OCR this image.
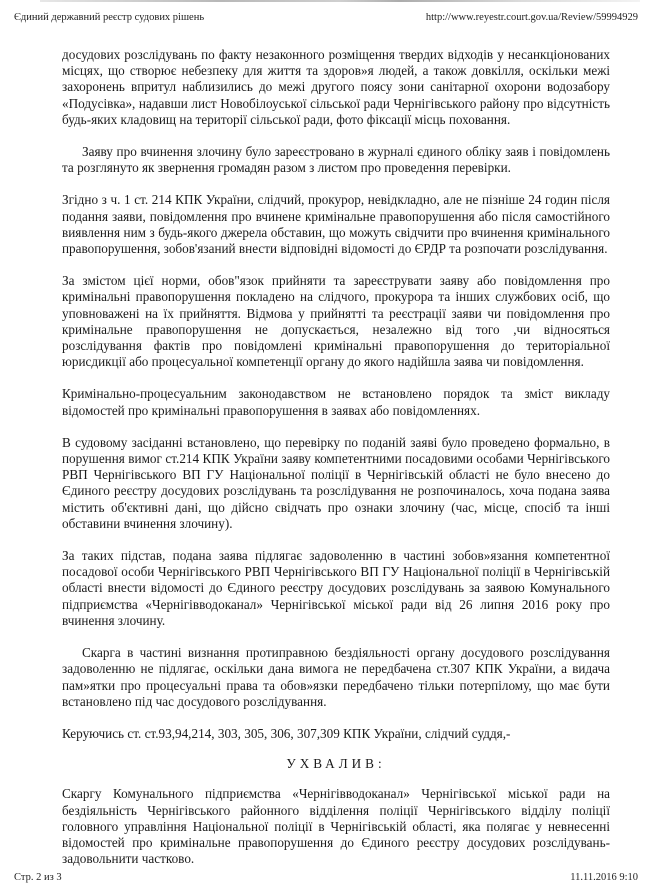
Єдиний державний реєстр судових рішень	http://www.reyestr.court.gov.ua/Review/59994929

досудових розслідувань по факту незаконного розміщення твердих відходів у несанкціонованих місцях, що створює небезпеку для життя та здоров»я людей, а також довкілля, оскільки межі захоронень впритул наблизились до межі другого поясу зони санітарної охорони водозабору «Подусівка», надавши лист Новобілоуської сільської ради Чернігівського району про відсутність будь-яких кладовищ на території сільської ради, фото фіксації місць поховання.

Заяву про вчинення злочину було зареєстровано в журналі єдиного обліку заяв і повідомлень та розглянуто як звернення громадян разом з листом про проведення перевірки.

Згідно з ч. 1 ст. 214 КПК України, слідчий, прокурор, невідкладно, але не пізніше 24 годин після подання заяви, повідомлення про вчинене кримінальне правопорушення або після самостійного виявлення ним з будь-якого джерела обставин, що можуть свідчити про вчинення кримінального правопорушення, зобов'язаний внести відповідні відомості до ЄРДР та розпочати розслідування.

За змістом цієї норми, обов"язок прийняти та зареєструвати заяву або повідомлення про кримінальні правопорушення покладено на слідчого, прокурора та інших службових осіб, що уповноважені на їх прийняття. Відмова у прийнятті та реєстрації заяви чи повідомлення про кримінальне правопорушення не допускається, незалежно від того ,чи відносяться розслідування фактів про повідомлені кримінальні правопорушення до територіальної юрисдикції або процесуальної компетенції органу до якого надійшла заява чи повідомлення.

Кримінально-процесуальним законодавством не встановлено порядок та зміст викладу відомостей про кримінальні правопорушення в заявах або повідомленнях.

В судовому засіданні встановлено, що перевірку по поданій заяві було проведено формально, в порушення вимог ст.214 КПК України заяву компетентними посадовими особами Чернігівського РВП Чернігівського ВП ГУ Національної поліції в Чернігівській області не було внесено до Єдиного реєстру досудових розслідувань та розслідування не розпочиналось, хоча подана заява містить об'єктивні дані, що дійсно свідчать про ознаки злочину (час, місце, спосіб та інші обставини вчинення злочину).

За таких підстав, подана заява підлягає задоволенню в частині зобов»язання компетентної посадової особи Чернігівського РВП Чернігівського ВП ГУ Національної поліції в Чернігівській області внести відомості до Єдиного реєстру досудових розслідувань за заявою Комунального підприємства «Чернігівводоканал» Чернігівської міської ради від 26 липня 2016 року про вчинення злочину.

Скарга в частині визнання протиправною бездіяльності органу досудового розслідування задоволенню не підлягає, оскільки дана вимога не передбачена ст.307 КПК України, а видача пам»ятки про процесуальні права та обов»язки передбачено тільки потерпілому, що має бути встановлено під час досудового розслідування.

Керуючись ст. ст.93,94,214, 303, 305, 306, 307,309 КПК України, слідчий суддя,-

УХВАЛИВ:

Скаргу Комунального підприємства «Чернігівводоканал» Чернігівської міської ради на бездіяльність Чернігівського районного відділення поліції Чернігівського відділу поліції головного управління Національної поліції в Чернігівській області, яка полягає у невнесенні відомостей про кримінальне правопорушення до Єдиного реєстру досудових розслідувань- задовольнити частково.

Стр. 2 из 3	11.11.2016 9:10
